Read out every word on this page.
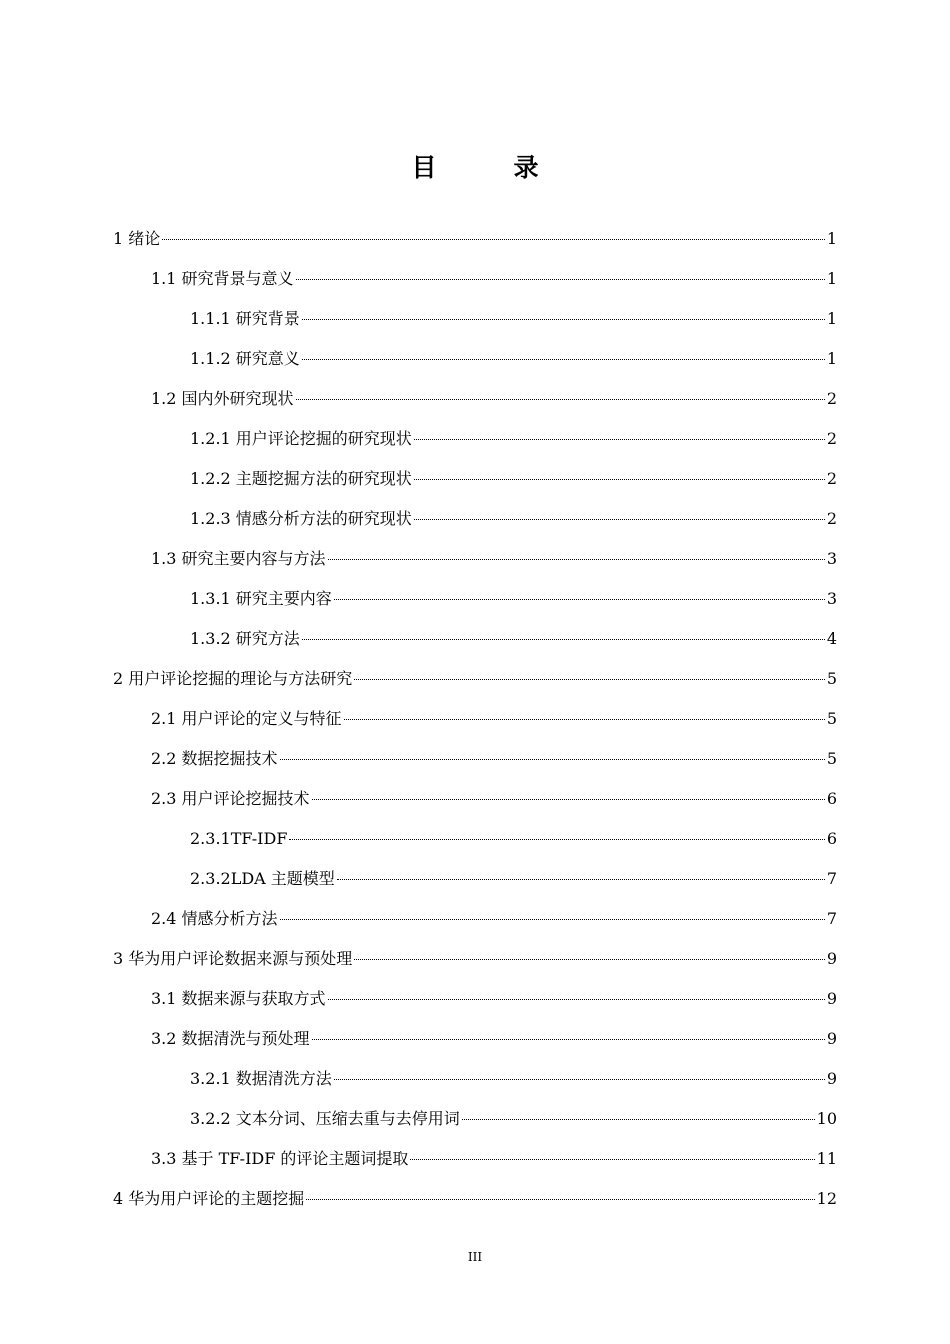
目　录
1 绪论	1
1.1 研究背景与意义	1
1.1.1 研究背景	1
1.1.2 研究意义	1
1.2 国内外研究现状	2
1.2.1 用户评论挖掘的研究现状	2
1.2.2 主题挖掘方法的研究现状	2
1.2.3 情感分析方法的研究现状	2
1.3 研究主要内容与方法	3
1.3.1 研究主要内容	3
1.3.2 研究方法	4
2 用户评论挖掘的理论与方法研究	5
2.1 用户评论的定义与特征	5
2.2 数据挖掘技术	5
2.3 用户评论挖掘技术	6
2.3.1TF-IDF	6
2.3.2LDA 主题模型	7
2.4 情感分析方法	7
3 华为用户评论数据来源与预处理	9
3.1 数据来源与获取方式	9
3.2 数据清洗与预处理	9
3.2.1 数据清洗方法	9
3.2.2 文本分词、压缩去重与去停用词	10
3.3 基于 TF-IDF 的评论主题词提取	11
4 华为用户评论的主题挖掘	12
III
